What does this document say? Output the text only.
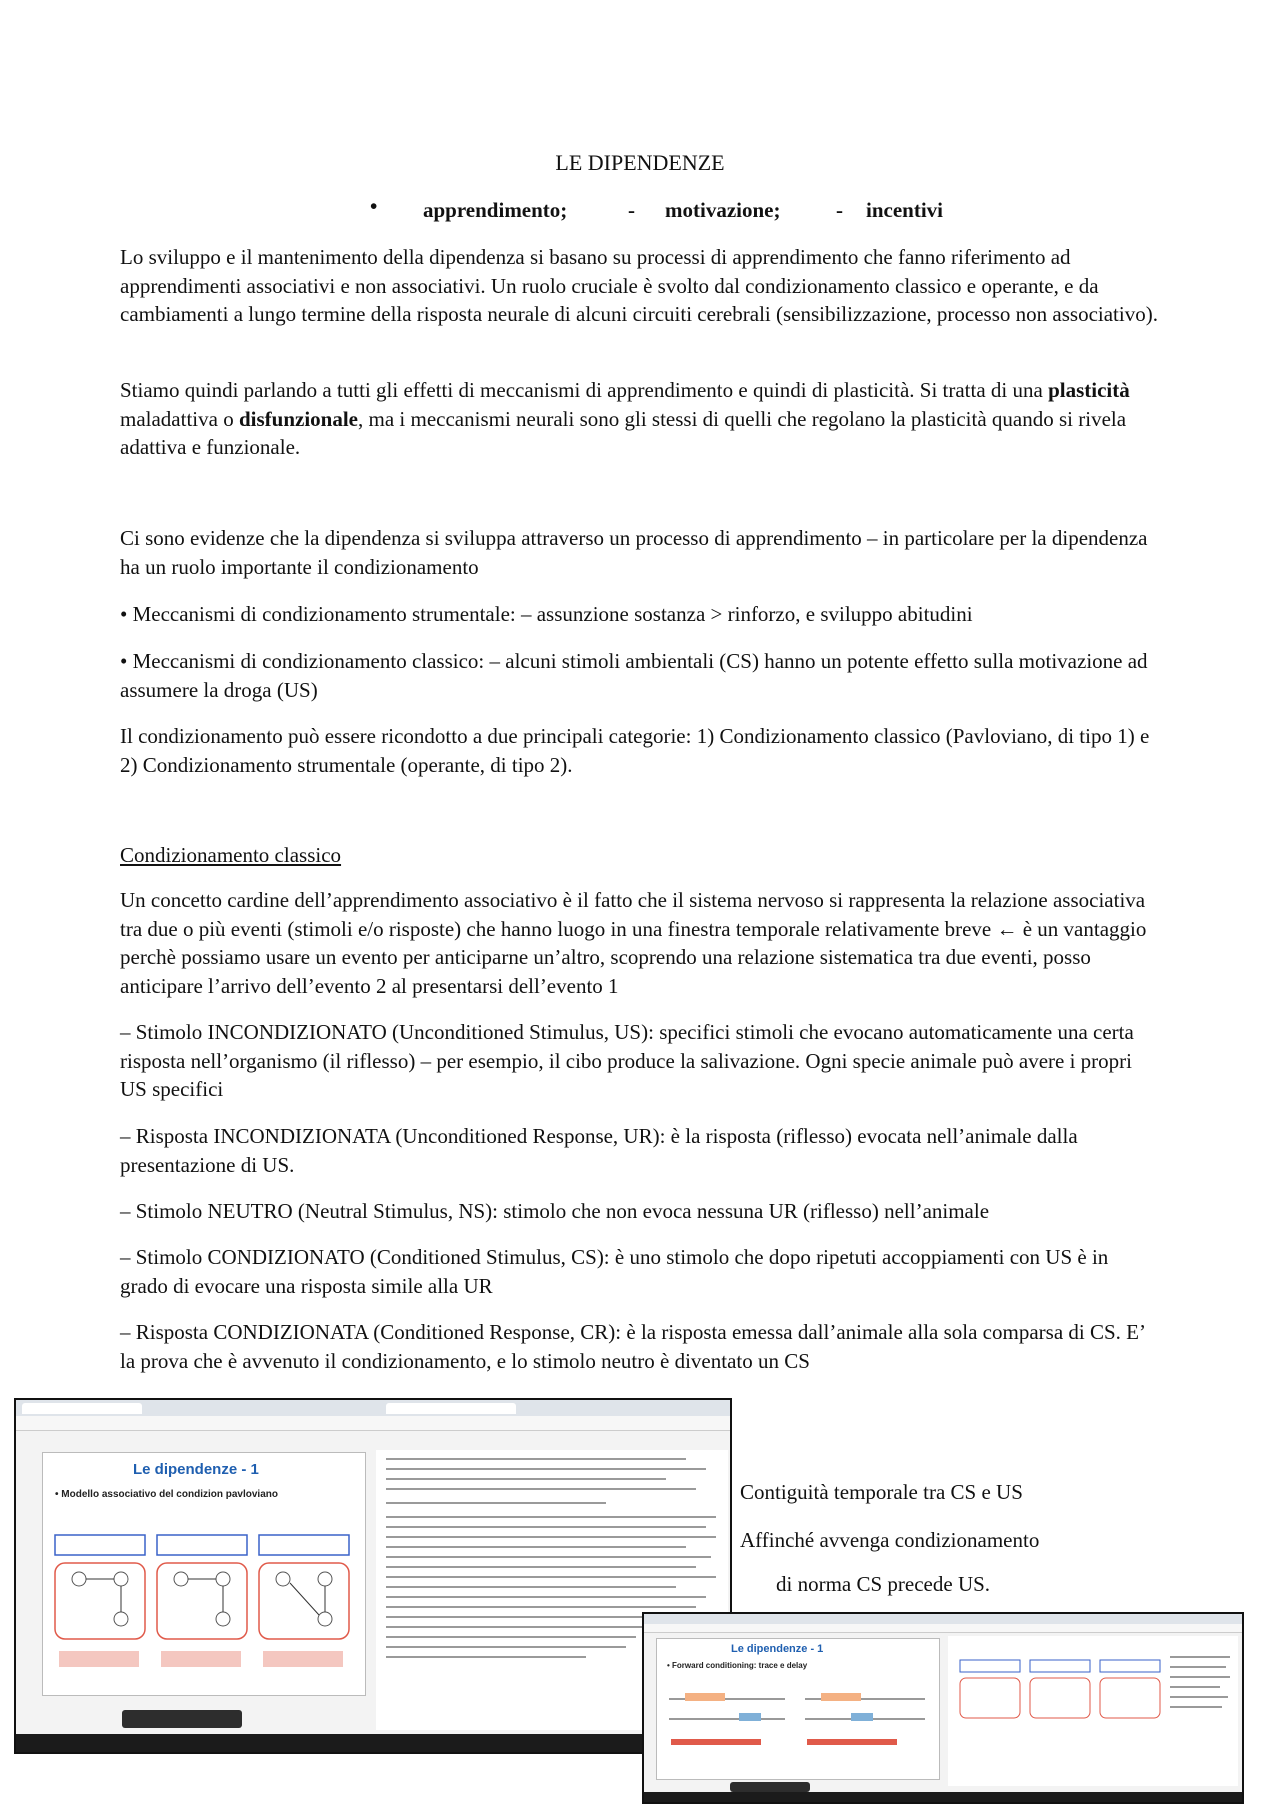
LE DIPENDENZE
• apprendimento;	- motivazione;	- incentivi

Lo sviluppo e il mantenimento della dipendenza si basano su processi di apprendimento che fanno riferimento ad apprendimenti associativi e non associativi. Un ruolo cruciale è svolto dal condizionamento classico e operante, e da cambiamenti a lungo termine della risposta neurale di alcuni circuiti cerebrali (sensibilizzazione, processo non associativo).

Stiamo quindi parlando a tutti gli effetti di meccanismi di apprendimento e quindi di plasticità. Si tratta di una plasticità maladattiva o disfunzionale, ma i meccanismi neurali sono gli stessi di quelli che regolano la plasticità quando si rivela adattiva e funzionale.

Ci sono evidenze che la dipendenza si sviluppa attraverso un processo di apprendimento – in particolare per la dipendenza ha un ruolo importante il condizionamento

• Meccanismi di condizionamento strumentale: – assunzione sostanza > rinforzo, e sviluppo abitudini

• Meccanismi di condizionamento classico: – alcuni stimoli ambientali (CS) hanno un potente effetto sulla motivazione ad assumere la droga (US)

Il condizionamento può essere ricondotto a due principali categorie: 1) Condizionamento classico (Pavloviano, di tipo 1) e 2) Condizionamento strumentale (operante, di tipo 2).

Condizionamento classico

Un concetto cardine dell’apprendimento associativo è il fatto che il sistema nervoso si rappresenta la relazione associativa tra due o più eventi (stimoli e/o risposte) che hanno luogo in una finestra temporale relativamente breve ← è un vantaggio perchè possiamo usare un evento per anticiparne un’altro, scoprendo una relazione sistematica tra due eventi, posso anticipare l’arrivo dell’evento 2 al presentarsi dell’evento 1

– Stimolo INCONDIZIONATO (Unconditioned Stimulus, US): specifici stimoli che evocano automaticamente una certa risposta nell’organismo (il riflesso) – per esempio, il cibo produce la salivazione. Ogni specie animale può avere i propri US specifici

– Risposta INCONDIZIONATA (Unconditioned Response, UR): è la risposta (riflesso) evocata nell’animale dalla presentazione di US.

– Stimolo NEUTRO (Neutral Stimulus, NS): stimolo che non evoca nessuna UR (riflesso) nell’animale

– Stimolo CONDIZIONATO (Conditioned Stimulus, CS): è uno stimolo che dopo ripetuti accoppiamenti con US è in grado di evocare una risposta simile alla UR

– Risposta CONDIZIONATA (Conditioned Response, CR): è la risposta emessa dall’animale alla sola comparsa di CS. E’ la prova che è avvenuto il condizionamento, e lo stimolo neutro è diventato un CS

Le dipendenze - 1
• Modello associativo del condizion pavloviano	Contiguità temporale tra CS e US
Affinché avvenga condizionamento
di norma CS precede US.
Le dipendenze - 1
• Forward conditioning: trace e delay
